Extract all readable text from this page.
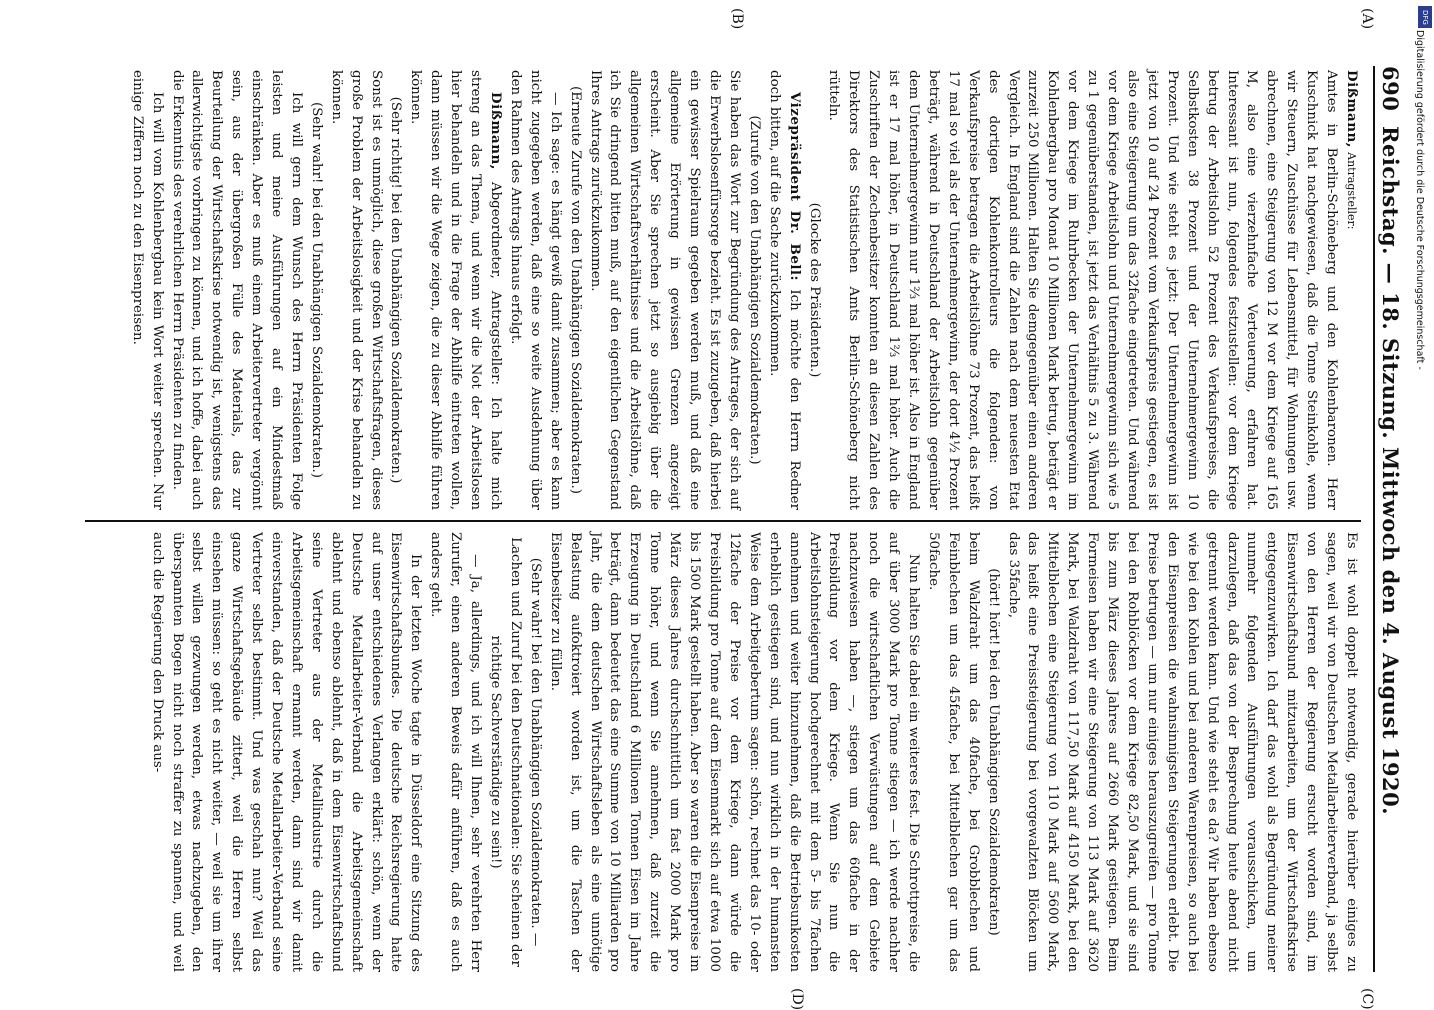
690
Reichstag. — 18. Sitzung. Mittwoch den 4. August 1920.
(A)
(B)
(C)
(D)

Dißmann, Antragsteller:

Amtes in Berlin-Schöneberg und den Kohlenbaronen. Herr Kuschnick hat nachgewiesen, daß die Tonne Steinkohle, wenn wir Steuern, Zuschüsse für Lebensmittel, für Wohnungen usw. abrechnen, eine Steigerung von 12 M vor dem Kriege auf 165 M, also eine vierzehnfache Verteuerung, erfahren hat. Interessant ist nun, folgendes festzustellen: vor dem Kriege betrug der Arbeitslohn 52 Prozent des Verkaufspreises, die Selbstkosten 38 Prozent und der Unternehmergewinn 10 Prozent. Und wie steht es jetzt: Der Unternehmergewinn ist jetzt von 10 auf 24 Prozent vom Verkaufspreis gestiegen, es ist also eine Steigerung um das 32fache eingetreten. Und während vor dem Kriege Arbeitslohn und Unternehmergewinn sich wie 5 zu 1 gegenüberstanden, ist jetzt das Verhältnis 5 zu 3. Während vor dem Kriege im Ruhrbecken der Unternehmergewinn im Kohlenbergbau pro Monat 10 Millionen Mark betrug, beträgt er zurzeit 250 Millionen. Halten Sie demgegenüber einen anderen Vergleich. In England sind die Zahlen nach dem neuesten Etat des dortigen Kohlenkontrolleurs die folgenden: von Verkaufspreise betragen die Arbeitslöhne 73 Prozent, das heißt 17 mal so viel als der Unternehmergewinn, der dort 4½ Prozent beträgt, während in Deutschland der Arbeitslohn gegenüber dem Unternehmergewinn nur 1⅔ mal höher ist. Also in England ist er 17 mal höher, in Deutschland 1⅔ mal höher. Auch die Zuschriften der Zechenbesitzer konnten an diesen Zahlen des Direktors des Statistischen Amts Berlin-Schöneberg nicht rütteln.

(Glocke des Präsidenten.)

Vizepräsident Dr. Bell: Ich möchte den Herrn Redner doch bitten, auf die Sache zurückzukommen.

(Zurufe von den Unabhängigen Sozialdemokraten.)

Sie haben das Wort zur Begründung des Antrages, der sich auf die Erwerbslosenfürsorge bezieht. Es ist zuzugeben, daß hierbei ein gewisser Spielraum gegeben werden muß, und daß eine allgemeine Erörterung in gewissen Grenzen angezeigt erscheint. Aber Sie sprechen jetzt so ausgiebig über die allgemeinen Wirtschaftsverhältnisse und die Arbeitslöhne, daß ich Sie dringend bitten muß, auf den eigentlichen Gegenstand Ihres Antrags zurückzukommen.

(Erneute Zurufe von den Unabhängigen Sozialdemokraten.)

— Ich sage: es hängt gewiß damit zusammen; aber es kann nicht zugegeben werden, daß eine so weite Ausdehnung über den Rahmen des Antrags hinaus erfolgt.

Dißmann, Abgeordneter, Antragsteller: Ich halte mich streng an das Thema, und wenn wir die Not der Arbeitslosen hier behandeln und in die Frage der Abhilfe eintreten wollen, dann müssen wir die Wege zeigen, die zu dieser Abhilfe führen können.

(Sehr richtig! bei den Unabhängigen Sozialdemokraten.)

Sonst ist es unmöglich, diese großen Wirtschaftsfragen, dieses große Problem der Arbeitslosigkeit und der Krise behandeln zu können.

(Sehr wahr! bei den Unabhängigen Sozialdemokraten.)

Ich will gern dem Wunsch des Herrn Präsidenten Folge leisten und meine Ausführungen auf ein Mindestmaß einschränken. Aber es muß einem Arbeitervertreter vergönnt sein, aus der übergroßen Fülle des Materials, das zur Beurteilung der Wirtschaftskrise notwendig ist, wenigstens das allerwichtigste vorbringen zu können, und ich hoffe, dabei auch die Erkenntnis des verehrlichen Herrn Präsidenten zu finden.

Ich will vom Kohlenbergbau kein Wort weiter sprechen. Nur einige Ziffern noch zu den Eisenpreisen.

Es ist wohl doppelt notwendig, gerade hierüber einiges zu sagen, weil wir von Deutschen Metallarbeiterverband, ja selbst von den Herren der Regierung ersucht worden sind, im Eisenwirtschaftsbund mitzuarbeiten, um der Wirtschaftskrise entgegenzuwirken. Ich darf das wohl als Begründung meiner nunmehr folgenden Ausführungen vorausschicken, um darzulegen, daß das von der Besprechung heute abend nicht getrennt werden kann. Und wie steht es da? Wir haben ebenso wie bei den Kohlen und bei anderen Warenpreisen, so auch bei den Eisenpreisen die wahnsinnigsten Steigerungen erlebt. Die Preise betrugen — um nur einiges herauszugreifen — pro Tonne bei den Rohblöcken vor dem Kriege 82,50 Mark, und sie sind bis zum März dieses Jahres auf 2660 Mark gestiegen. Beim Formeisen haben wir eine Steigerung von 113 Mark auf 3620 Mark, bei Walzdraht von 117,50 Mark auf 4150 Mark, bei den Mittelblechen eine Steigerung von 110 Mark auf 5600 Mark, das heißt eine Preissteigerung bei vorgewalzten Blöcken um das 35fache,

(hört! hört! bei den Unabhängigen Sozialdemokraten)

beim Walzdraht um das 40fache, bei Grobblechen und Feinblechen um das 45fache, bei Mittelblechen gar um das 50fache.

Nun halten Sie dabei ein weiteres fest. Die Schrottpreise, die auf über 3000 Mark pro Tonne stiegen — ich werde nachher noch die wirtschaftlichen Verwüstungen auf dem Gebiete nachzuweisen haben —, stiegen um das 60fache in der Preisbildung vor dem Kriege. Wenn Sie nun die Arbeitslohnsteigerung hochgerechnet mit dem 5- bis 7fachen annehmen und weiter hinzunehmen, daß die Betriebsunkosten erheblich gestiegen sind, und nun wirklich in der humansten Weise dem Arbeitgebertum sagen: schön, rechnet das 10- oder 12fache der Preise vor dem Kriege, dann würde die Preisbildung pro Tonne auf dem Eisenmarkt sich auf etwa 1000 bis 1500 Mark gestellt haben. Aber so waren die Eisenpreise im März dieses Jahres durchschnittlich um fast 2000 Mark pro Tonne höher, und wenn Sie annehmen, daß zurzeit die Erzeugung in Deutschland 6 Millionen Tonnen Eisen im Jahre beträgt, dann bedeutet das eine Summe von 10 Milliarden pro Jahr, die dem deutschen Wirtschaftsleben als eine unnötige Belastung aufoktroiert worden ist, um die Taschen der Eisenbesitzer zu füllen.

(Sehr wahr! bei den Unabhängigen Sozialdemokraten. — Lachen und Zuruf bei den Deutschnationalen: Sie scheinen der richtige Sachverständige zu sein!)

— Ja, allerdings, und ich will Ihnen, sehr verehrten Herr Zurufer, einen anderen Beweis dafür anführen, daß es auch anders geht.

In der letzten Woche tagte in Düsseldorf eine Sitzung des Eisenwirtschaftsbundes. Die deutsche Reichsregierung hatte auf unser entschiedenes Verlangen erklärt: schön, wenn der Deutsche Metallarbeiter-Verband die Arbeitsgemeinschaft ablehnt und ebenso ablehnt, daß in dem Eisenwirtschaftsbund seine Vertreter aus der Metallindustrie durch die Arbeitsgemeinschaft ernannt werden, dann sind wir damit einverstanden, daß der Deutsche Metallarbeiter-Verband seine Vertreter selbst bestimmt. Und was geschah nun? Weil das ganze Wirtschaftsgebäude zittert, weil die Herren selbst einsehen müssen: so geht es nicht weiter, — weil sie um ihrer selbst willen gezwungen werden, etwas nachzugeben, den überspannten Bogen nicht noch straffer zu spannen, und weil auch die Regierung den Druck aus-

DFG
Digitalisierung gefördert durch die Deutsche Forschungsgemeinschaft -
